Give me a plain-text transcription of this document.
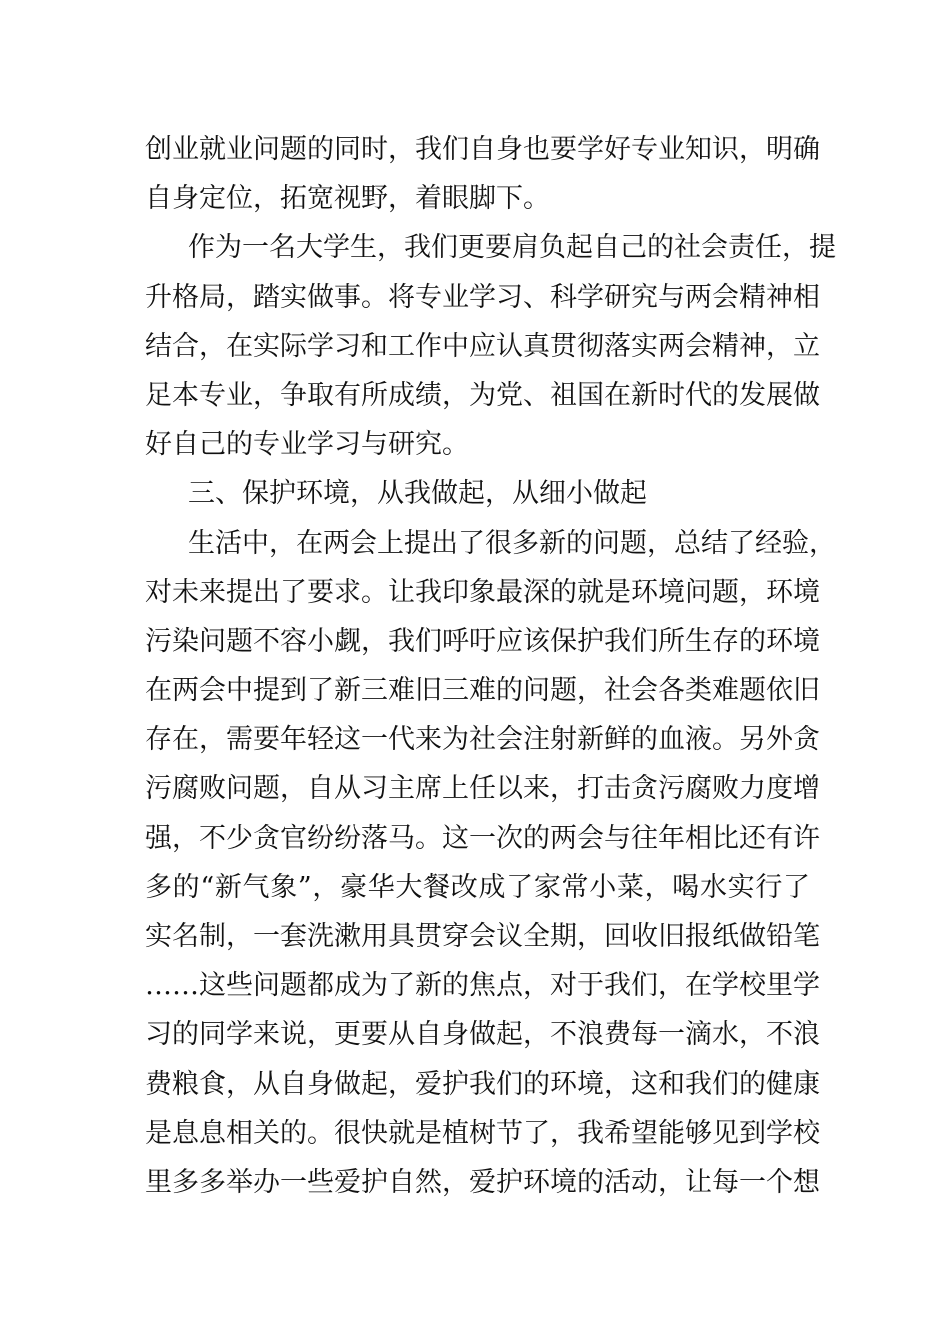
创业就业问题的同时，我们自身也要学好专业知识，明确
自身定位，拓宽视野，着眼脚下。
作为一名大学生，我们更要肩负起自己的社会责任，提
升格局，踏实做事。将专业学习、科学研究与两会精神相
结合，在实际学习和工作中应认真贯彻落实两会精神，立
足本专业，争取有所成绩，为党、祖国在新时代的发展做
好自己的专业学习与研究。
三、保护环境，从我做起，从细小做起
生活中，在两会上提出了很多新的问题，总结了经验，
对未来提出了要求。让我印象最深的就是环境问题，环境
污染问题不容小觑，我们呼吁应该保护我们所生存的环境
在两会中提到了新三难旧三难的问题，社会各类难题依旧
存在，需要年轻这一代来为社会注射新鲜的血液。另外贪
污腐败问题，自从习主席上任以来，打击贪污腐败力度增
强，不少贪官纷纷落马。这一次的两会与往年相比还有许
多的“新气象”，豪华大餐改成了家常小菜，喝水实行了
实名制，一套洗漱用具贯穿会议全期，回收旧报纸做铅笔
……这些问题都成为了新的焦点，对于我们，在学校里学
习的同学来说，更要从自身做起，不浪费每一滴水，不浪
费粮食，从自身做起，爱护我们的环境，这和我们的健康
是息息相关的。很快就是植树节了，我希望能够见到学校
里多多举办一些爱护自然，爱护环境的活动，让每一个想
